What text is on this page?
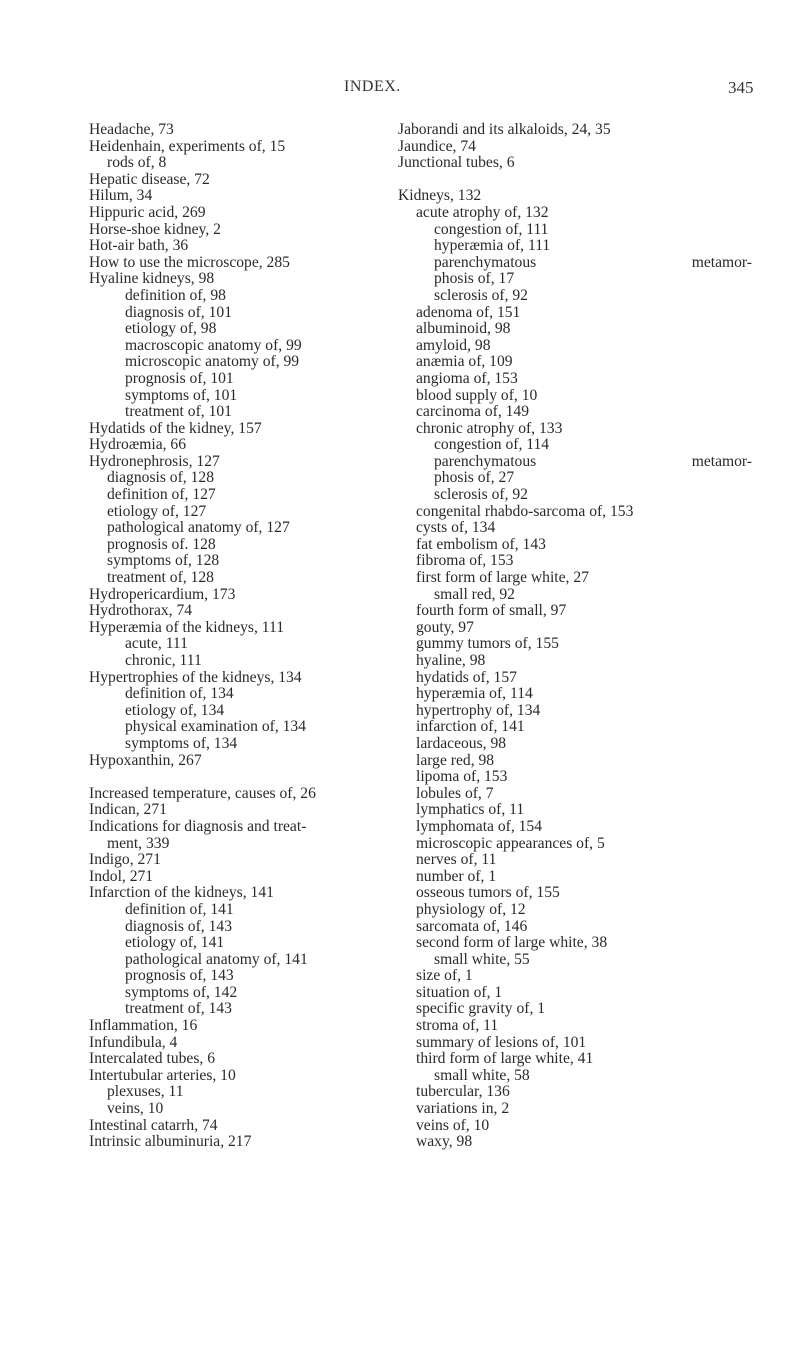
INDEX.	345
Headache, 73
Heidenhain, experiments of, 15
rods of, 8
Hepatic disease, 72
Hilum, 34
Hippuric acid, 269
Horse-shoe kidney, 2
Hot-air bath, 36
How to use the microscope, 285
Hyaline kidneys, 98
definition of, 98
diagnosis of, 101
etiology of, 98
macroscopic anatomy of, 99
microscopic anatomy of, 99
prognosis of, 101
symptoms of, 101
treatment of, 101
Hydatids of the kidney, 157
Hydroæmia, 66
Hydronephrosis, 127
diagnosis of, 128
definition of, 127
etiology of, 127
pathological anatomy of, 127
prognosis of. 128
symptoms of, 128
treatment of, 128
Hydropericardium, 173
Hydrothorax, 74
Hyperæmia of the kidneys, 111
acute, 111
chronic, 111
Hypertrophies of the kidneys, 134
definition of, 134
etiology of, 134
physical examination of, 134
symptoms of, 134
Hypoxanthin, 267
Increased temperature, causes of, 26
Indican, 271
Indications for diagnosis and treat-
ment, 339
Indigo, 271
Indol, 271
Infarction of the kidneys, 141
definition of, 141
diagnosis of, 143
etiology of, 141
pathological anatomy of, 141
prognosis of, 143
symptoms of, 142
treatment of, 143
Inflammation, 16
Infundibula, 4
Intercalated tubes, 6
Intertubular arteries, 10
plexuses, 11
veins, 10
Intestinal catarrh, 74
Intrinsic albuminuria, 217
Jaborandi and its alkaloids, 24, 35
Jaundice, 74
Junctional tubes, 6
Kidneys, 132
acute atrophy of, 132
congestion of, 111
hyperæmia of, 111
parenchymatous	metamor-
phosis of, 17
sclerosis of, 92
adenoma of, 151
albuminoid, 98
amyloid, 98
anæmia of, 109
angioma of, 153
blood supply of, 10
carcinoma of, 149
chronic atrophy of, 133
congestion of, 114
parenchymatous	metamor-
phosis of, 27
sclerosis of, 92
congenital rhabdo-sarcoma of, 153
cysts of, 134
fat embolism of, 143
fibroma of, 153
first form of large white, 27
small red, 92
fourth form of small, 97
gouty, 97
gummy tumors of, 155
hyaline, 98
hydatids of, 157
hyperæmia of, 114
hypertrophy of, 134
infarction of, 141
lardaceous, 98
large red, 98
lipoma of, 153
lobules of, 7
lymphatics of, 11
lymphomata of, 154
microscopic appearances of, 5
nerves of, 11
number of, 1
osseous tumors of, 155
physiology of, 12
sarcomata of, 146
second form of large white, 38
small white, 55
size of, 1
situation of, 1
specific gravity of, 1
stroma of, 11
summary of lesions of, 101
third form of large white, 41
small white, 58
tubercular, 136
variations in, 2
veins of, 10
waxy, 98
